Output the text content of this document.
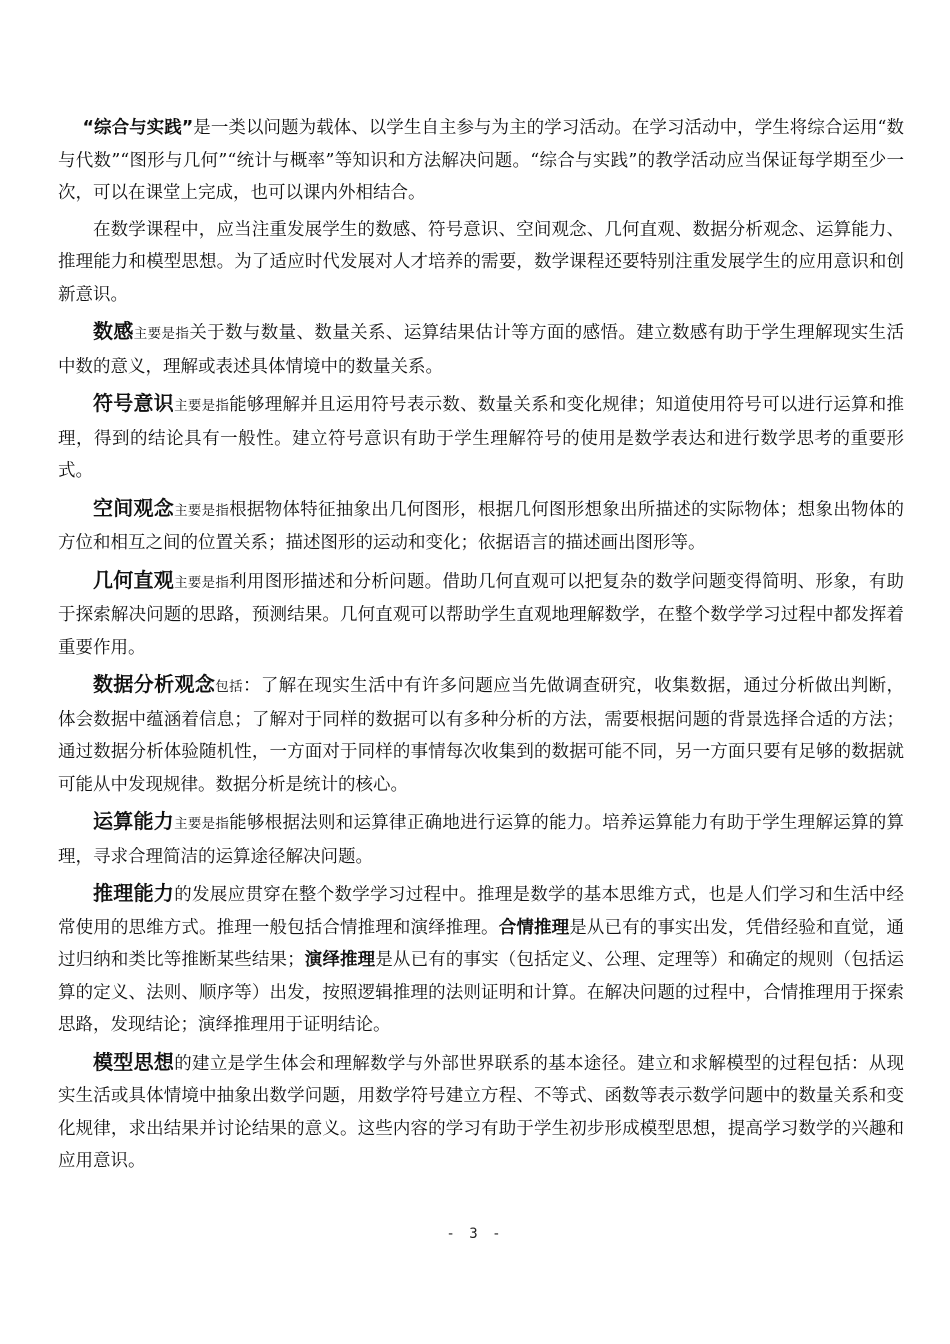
“综合与实践”是一类以问题为载体、以学生自主参与为主的学习活动。在学习活动中，学生将综合运用“数与代数”“图形与几何”“统计与概率”等知识和方法解决问题。“综合与实践”的教学活动应当保证每学期至少一次，可以在课堂上完成，也可以课内外相结合。

在数学课程中，应当注重发展学生的数感、符号意识、空间观念、几何直观、数据分析观念、运算能力、推理能力和模型思想。为了适应时代发展对人才培养的需要，数学课程还要特别注重发展学生的应用意识和创新意识。

数感主要是指关于数与数量、数量关系、运算结果估计等方面的感悟。建立数感有助于学生理解现实生活中数的意义，理解或表述具体情境中的数量关系。

符号意识主要是指能够理解并且运用符号表示数、数量关系和变化规律；知道使用符号可以进行运算和推理，得到的结论具有一般性。建立符号意识有助于学生理解符号的使用是数学表达和进行数学思考的重要形式。

空间观念主要是指根据物体特征抽象出几何图形，根据几何图形想象出所描述的实际物体；想象出物体的方位和相互之间的位置关系；描述图形的运动和变化；依据语言的描述画出图形等。

几何直观主要是指利用图形描述和分析问题。借助几何直观可以把复杂的数学问题变得简明、形象，有助于探索解决问题的思路，预测结果。几何直观可以帮助学生直观地理解数学，在整个数学学习过程中都发挥着重要作用。

数据分析观念包括：了解在现实生活中有许多问题应当先做调查研究，收集数据，通过分析做出判断，体会数据中蕴涵着信息；了解对于同样的数据可以有多种分析的方法，需要根据问题的背景选择合适的方法；通过数据分析体验随机性，一方面对于同样的事情每次收集到的数据可能不同，另一方面只要有足够的数据就可能从中发现规律。数据分析是统计的核心。

运算能力主要是指能够根据法则和运算律正确地进行运算的能力。培养运算能力有助于学生理解运算的算理，寻求合理简洁的运算途径解决问题。

推理能力的发展应贯穿在整个数学学习过程中。推理是数学的基本思维方式，也是人们学习和生活中经常使用的思维方式。推理一般包括合情推理和演绎推理。合情推理是从已有的事实出发，凭借经验和直觉，通过归纳和类比等推断某些结果；演绎推理是从已有的事实（包括定义、公理、定理等）和确定的规则（包括运算的定义、法则、顺序等）出发，按照逻辑推理的法则证明和计算。在解决问题的过程中，合情推理用于探索思路，发现结论；演绎推理用于证明结论。

模型思想的建立是学生体会和理解数学与外部世界联系的基本途径。建立和求解模型的过程包括：从现实生活或具体情境中抽象出数学问题，用数学符号建立方程、不等式、函数等表示数学问题中的数量关系和变化规律，求出结果并讨论结果的意义。这些内容的学习有助于学生初步形成模型思想，提高学习数学的兴趣和应用意识。

- 3 -
